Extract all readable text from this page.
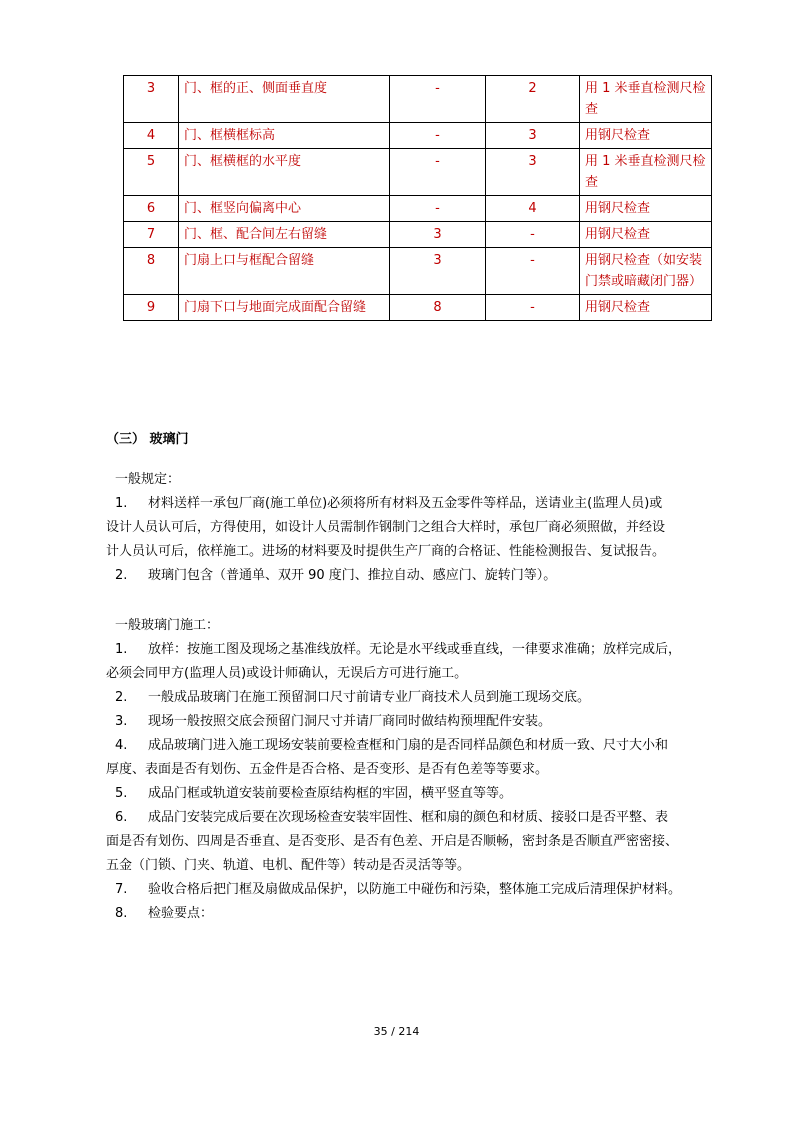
3	门、框的正、侧面垂直度	-	2	用 1 米垂直检测尺检查
4	门、框横框标高	-	3	用钢尺检查
5	门、框横框的水平度	-	3	用 1 米垂直检测尺检查
6	门、框竖向偏离中心	-	4	用钢尺检查
7	门、框、配合间左右留缝	3	-	用钢尺检查
8	门扇上口与框配合留缝	3	-	用钢尺检查（如安装门禁或暗藏闭门器）
9	门扇下口与地面完成面配合留缝	8	-	用钢尺检查
（三） 玻璃门
一般规定：
1. 材料送样一承包厂商(施工单位)必须将所有材料及五金零件等样品，送请业主(监理人员)或
设计人员认可后，方得使用，如设计人员需制作钢制门之组合大样时，承包厂商必须照做，并经设
计人员认可后，依样施工。进场的材料要及时提供生产厂商的合格证、性能检测报告、复试报告。
2. 玻璃门包含（普通单、双开 90 度门、推拉自动、感应门、旋转门等）。
一般玻璃门施工：
1. 放样：按施工图及现场之基准线放样。无论是水平线或垂直线，一律要求准确；放样完成后，
必须会同甲方(监理人员)或设计师确认，无误后方可进行施工。
2. 一般成品玻璃门在施工预留洞口尺寸前请专业厂商技术人员到施工现场交底。
3. 现场一般按照交底会预留门洞尺寸并请厂商同时做结构预埋配件安装。
4. 成品玻璃门进入施工现场安装前要检查框和门扇的是否同样品颜色和材质一致、尺寸大小和
厚度、表面是否有划伤、五金件是否合格、是否变形、是否有色差等等要求。
5. 成品门框或轨道安装前要检查原结构框的牢固，横平竖直等等。
6. 成品门安装完成后要在次现场检查安装牢固性、框和扇的颜色和材质、接驳口是否平整、表
面是否有划伤、四周是否垂直、是否变形、是否有色差、开启是否顺畅，密封条是否顺直严密密接、
五金（门锁、门夹、轨道、电机、配件等）转动是否灵活等等。
7. 验收合格后把门框及扇做成品保护，以防施工中碰伤和污染，整体施工完成后清理保护材料。
8. 检验要点：
35 / 214
